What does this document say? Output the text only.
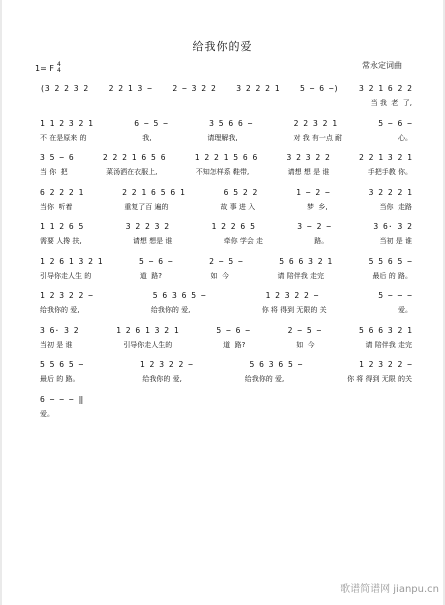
给我你的爱
1= F 4
4
常永定词曲
(3 2 2 3 2	2 2 1 3 −	2 − 3 2 2	3 2 2 2 1	5 − 6 −)	3 2 1 6 2 2
当 我  老  了,
1 1 2 3 2 1	6 − 5 −	3 5 6 6 −	2 2 3 2 1	5 − 6 −
不 在是原来 的	我,	请理解我,	对 我 有一点 耐	心。
3 5 − 6	2 2 2 1 6 5 6	1 2 2 1 5 6 6	3 2 3 2 2	2 2 1 3 2 1
当 你  把	菜汤洒在衣服上,	不知怎样系 鞋带,	请想 想 是 谁	手把手教 你。
6 2 2 2 1	2 2 1 6 5 6 1	6 5 2 2	1 − 2 −	3 2 2 2 1
当你  听着	重复了百 遍的	故 事 进 入	梦  乡,	当你  走路
1 1 2 6 5	3 2 2 3 2	1 2 2 6 5	3 − 2 −	3 6· 3 2
需要 人搀 扶,	请想 想是 谁	牵你 学会 走	路。	当初 是 谁
1 2 6 1 3 2 1	5 − 6 −	2 − 5 −	5 6 6 3 2 1	5 5 6 5 −
引导你走人生 的	道  路?	如  今	请 陪伴我 走完	最后 的 路。
1 2 3 2 2 −	5 6 3 6 5 −	1 2 3 2 2 −	5 − − −
给我你的 爱,	给我你的 爱,	你 将 得到 无限的 关	爱。
3 6· 3 2	1 2 6 1 3 2 1	5 − 6 −	2 − 5 −	5 6 6 3 2 1
当初 是 谁	引导你走人生的	道  路?	如  今	请 陪伴我 走完
5 5 6 5 −	1 2 3 2 2 −	5 6 3 6 5 −	1 2 3 2 2 −
最后 的 路。	给我你的 爱,	给我你的 爱,	你 将 得到 无限 的关
6 − − − ‖
爱。
歌谱简谱网 jianpu.cn
